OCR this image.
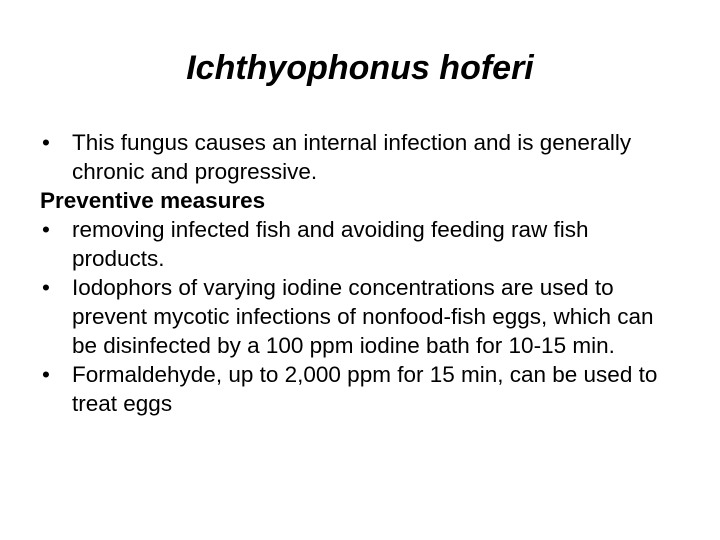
Ichthyophonus hoferi

• This fungus causes an internal infection and is generally chronic and progressive.

Preventive measures

• removing infected fish and avoiding feeding raw fish products.

• Iodophors of varying iodine concentrations are used to prevent mycotic infections of nonfood-fish eggs, which can be disinfected by a 100 ppm iodine bath for 10-15 min.

• Formaldehyde, up to 2,000 ppm for 15 min, can be used to treat eggs
